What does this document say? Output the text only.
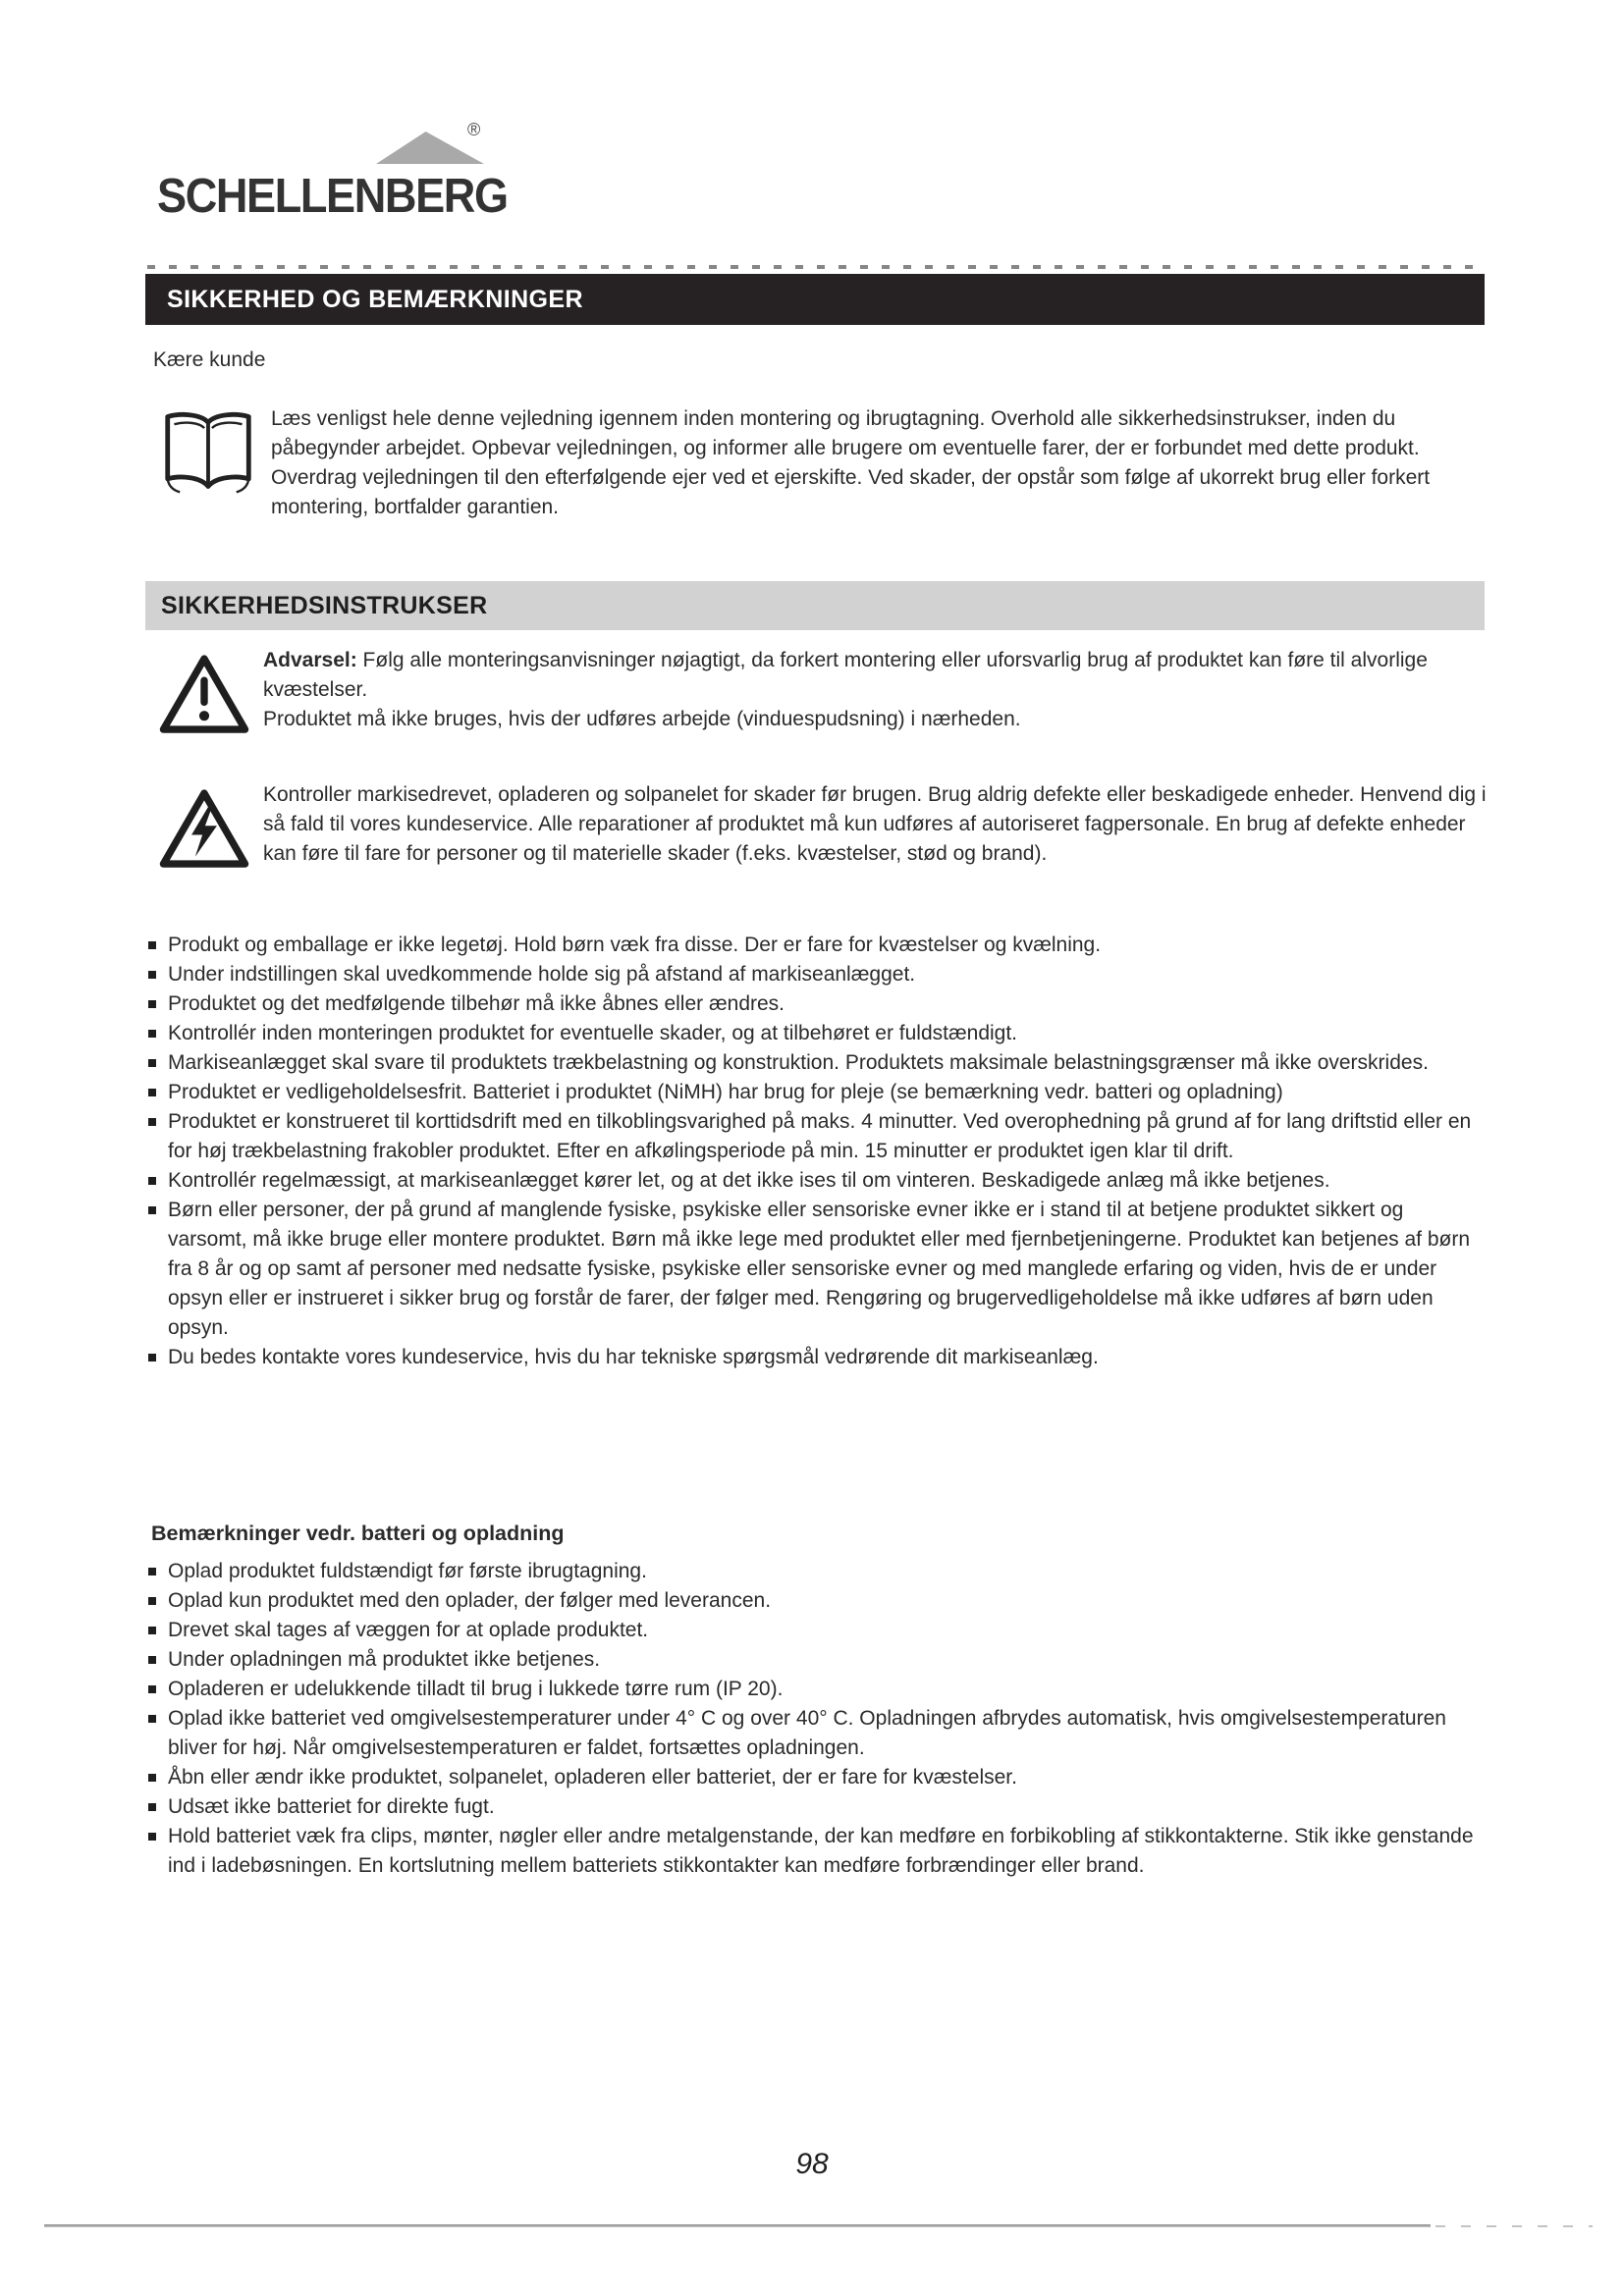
®
SCHELLENBERG
SIKKERHED OG BEMÆRKNINGER
Kære kunde
Læs venligst hele denne vejledning igennem inden montering og ibrugtagning. Overhold alle sikkerhedsinstrukser, inden du påbegynder arbejdet. Opbevar vejledningen, og informer alle brugere om eventuelle farer, der er forbundet med dette produkt. Overdrag vejledningen til den efterfølgende ejer ved et ejerskifte. Ved skader, der opstår som følge af ukorrekt brug eller forkert montering, bortfalder garantien.
SIKKERHEDSINSTRUKSER

Advarsel: Følg alle monteringsanvisninger nøjagtigt, da forkert montering eller uforsvarlig brug af produktet kan føre til alvorlige kvæstelser.

Produktet må ikke bruges, hvis der udføres arbejde (vinduespudsning) i nærheden.

Kontroller markisedrevet, opladeren og solpanelet for skader før brugen. Brug aldrig defekte eller beskadigede enheder. Henvend dig i så fald til vores kundeservice. Alle reparationer af produktet må kun udføres af autoriseret fagpersonale. En brug af defekte enheder kan føre til fare for personer og til materielle skader (f.eks. kvæstelser, stød og brand).

Produkt og emballage er ikke legetøj. Hold børn væk fra disse. Der er fare for kvæstelser og kvælning.
Under indstillingen skal uvedkommende holde sig på afstand af markiseanlægget.
Produktet og det medfølgende tilbehør må ikke åbnes eller ændres.
Kontrollér inden monteringen produktet for eventuelle skader, og at tilbehøret er fuldstændigt.
Markiseanlægget skal svare til produktets trækbelastning og konstruktion. Produktets maksimale belastningsgrænser må ikke overskrides.
Produktet er vedligeholdelsesfrit. Batteriet i produktet (NiMH) har brug for pleje (se bemærkning vedr. batteri og opladning)
Produktet er konstrueret til korttidsdrift med en tilkoblingsvarighed på maks. 4 minutter. Ved overophedning på grund af for lang driftstid eller en for høj trækbelastning frakobler produktet. Efter en afkølingsperiode på min. 15 minutter er produktet igen klar til drift.
Kontrollér regelmæssigt, at markiseanlægget kører let, og at det ikke ises til om vinteren. Beskadigede anlæg må ikke betjenes.
Børn eller personer, der på grund af manglende fysiske, psykiske eller sensoriske evner ikke er i stand til at betjene produktet sikkert og varsomt, må ikke bruge eller montere produktet. Børn må ikke lege med produktet eller med fjernbetjeningerne. Produktet kan betjenes af børn fra 8 år og op samt af personer med nedsatte fysiske, psykiske eller sensoriske evner og med manglede erfaring og viden, hvis de er under opsyn eller er instrueret i sikker brug og forstår de farer, der følger med. Rengøring og brugervedligeholdelse må ikke udføres af børn uden opsyn.
Du bedes kontakte vores kundeservice, hvis du har tekniske spørgsmål vedrørende dit markiseanlæg.
Bemærkninger vedr. batteri og opladning
Oplad produktet fuldstændigt før første ibrugtagning.
Oplad kun produktet med den oplader, der følger med leverancen.
Drevet skal tages af væggen for at oplade produktet.
Under opladningen må produktet ikke betjenes.
Opladeren er udelukkende tilladt til brug i lukkede tørre rum (IP 20).
Oplad ikke batteriet ved omgivelsestemperaturer under 4° C og over 40° C. Opladningen afbrydes automatisk, hvis omgivelsestemperaturen bliver for høj. Når omgivelsestemperaturen er faldet, fortsættes opladningen.
Åbn eller ændr ikke produktet, solpanelet, opladeren eller batteriet, der er fare for kvæstelser.
Udsæt ikke batteriet for direkte fugt.
Hold batteriet væk fra clips, mønter, nøgler eller andre metalgenstande, der kan medføre en forbikobling af stikkontakterne. Stik ikke genstande ind i ladebøsningen. En kortslutning mellem batteriets stikkontakter kan medføre forbrændinger eller brand.
98
